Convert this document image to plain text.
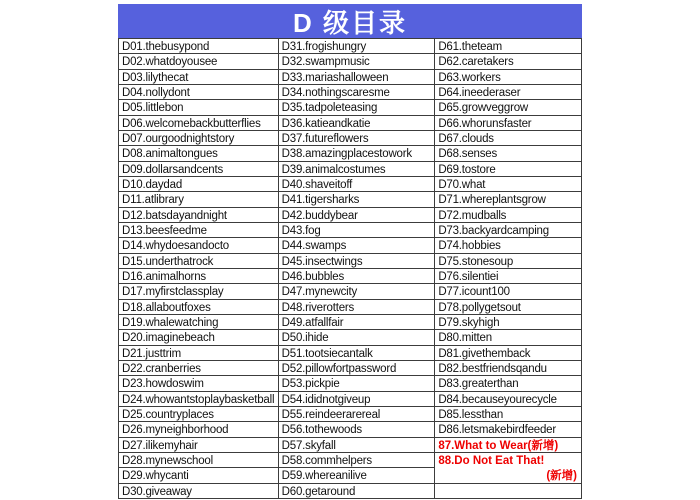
D 级目录
D01.thebusypond
D02.whatdoyousee
D03.lilythecat
D04.nollydont
D05.littlebon
D06.welcomebackbutterflies
D07.ourgoodnightstory
D08.animaltongues
D09.dollarsandcents
D10.daydad
D11.atlibrary
D12.batsdayandnight
D13.beesfeedme
D14.whydoesandocto
D15.underthatrock
D16.animalhorns
D17.myfirstclassplay
D18.allaboutfoxes
D19.whalewatching
D20.imaginebeach
D21.justtrim
D22.cranberries
D23.howdoswim
D24.whowantstoplaybasketball
D25.countryplaces
D26.myneighborhood
D27.ilikemyhair
D28.mynewschool
D29.whycanti
D30.giveaway
D31.frogishungry
D32.swampmusic
D33.mariashalloween
D34.nothingscaresme
D35.tadpoleteasing
D36.katieandkatie
D37.futureflowers
D38.amazingplacestowork
D39.animalcostumes
D40.shaveitoff
D41.tigersharks
D42.buddybear
D43.fog
D44.swamps
D45.insectwings
D46.bubbles
D47.mynewcity
D48.riverotters
D49.atfallfair
D50.ihide
D51.tootsiecantalk
D52.pillowfortpassword
D53.pickpie
D54.ididnotgiveup
D55.reindeerarereal
D56.tothewoods
D57.skyfall
D58.commhelpers
D59.whereanilive
D60.getaround
D61.theteam
D62.caretakers
D63.workers
D64.ineederaser
D65.growveggrow
D66.whorunsfaster
D67.clouds
D68.senses
D69.tostore
D70.what
D71.whereplantsgrow
D72.mudballs
D73.backyardcamping
D74.hobbies
D75.stonesoup
D76.silentiei
D77.icount100
D78.pollygetsout
D79.skyhigh
D80.mitten
D81.givethemback
D82.bestfriendsqandu
D83.greaterthan
D84.becauseyourecycle
D85.lessthan
D86.letsmakebirdfeeder
87.What to Wear(新增)
88.Do Not Eat That!
(新增)
